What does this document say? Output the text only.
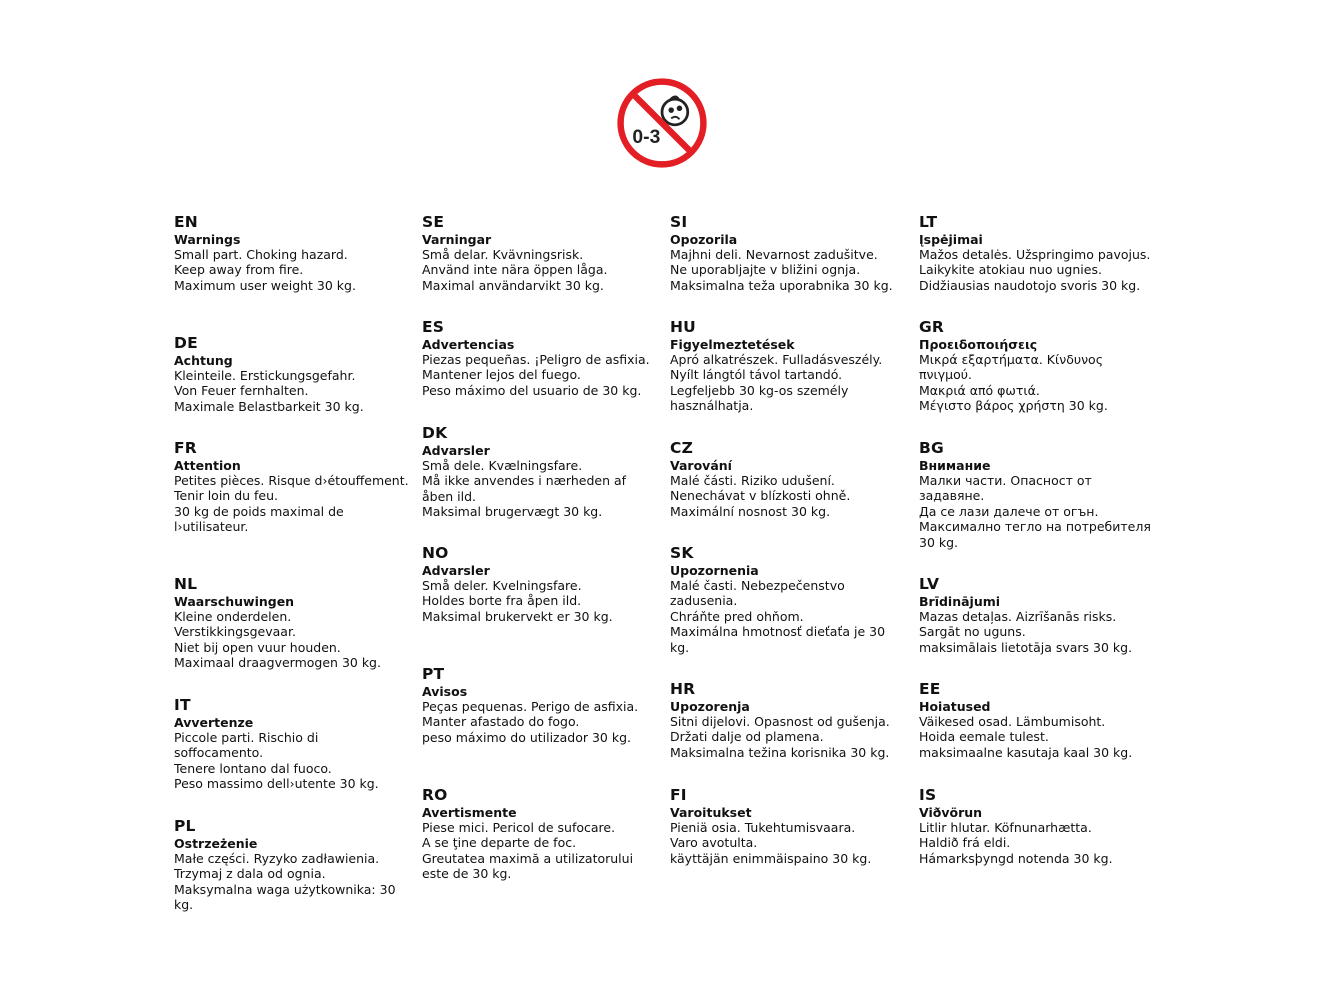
0-3
EN
Warnings
Small part. Choking hazard.
Keep away from fire.
Maximum user weight 30 kg.
DE
Achtung
Kleinteile. Erstickungsgefahr.
Von Feuer fernhalten.
Maximale Belastbarkeit 30 kg.
FR
Attention
Petites pièces. Risque d›étouffement.
Tenir loin du feu.
30 kg de poids maximal de l›utilisateur.
NL
Waarschuwingen
Kleine onderdelen. Verstikkingsgevaar.
Niet bij open vuur houden.
Maximaal draagvermogen 30 kg.
IT
Avvertenze
Piccole parti. Rischio di soffocamento.
Tenere lontano dal fuoco.
Peso massimo dell›utente 30 kg.
PL
Ostrzeżenie
Małe części. Ryzyko zadławienia.
Trzymaj z dala od ognia.
Maksymalna waga użytkownika: 30 kg.
SE
Varningar
Små delar. Kvävningsrisk.
Använd inte nära öppen låga.
Maximal användarvikt 30 kg.
ES
Advertencias
Piezas pequeñas. ¡Peligro de asfixia.
Mantener lejos del fuego.
Peso máximo del usuario de 30 kg.
DK
Advarsler
Små dele. Kvælningsfare.
Må ikke anvendes i nærheden af åben ild.
Maksimal brugervægt 30 kg.
NO
Advarsler
Små deler. Kvelningsfare.
Holdes borte fra åpen ild.
Maksimal brukervekt er 30 kg.
PT
Avisos
Peças pequenas. Perigo de asfixia.
Manter afastado do fogo.
peso máximo do utilizador 30 kg.
RO
Avertismente
Piese mici. Pericol de sufocare.
A se ţine departe de foc.
Greutatea maximă a utilizatorului este de 30 kg.
SI
Opozorila
Majhni deli. Nevarnost zadušitve.
Ne uporabljajte v bližini ognja.
Maksimalna teža uporabnika 30 kg.
HU
Figyelmeztetések
Apró alkatrészek. Fulladásveszély.
Nyílt lángtól távol tartandó.
Legfeljebb 30 kg-os személy használhatja.
CZ
Varování
Malé části. Riziko udušení.
Nenechávat v blízkosti ohně.
Maximální nosnost 30 kg.
SK
Upozornenia
Malé časti. Nebezpečenstvo zadusenia.
Chráňte pred ohňom.
Maximálna hmotnosť dieťaťa je 30 kg.
HR
Upozorenja
Sitni dijelovi. Opasnost od gušenja.
Držati dalje od plamena.
Maksimalna težina korisnika 30 kg.
FI
Varoitukset
Pieniä osia. Tukehtumisvaara.
Varo avotulta.
käyttäjän enimmäispaino 30 kg.
LT
Įspėjimai
Mažos detalės. Užspringimo pavojus.
Laikykite atokiau nuo ugnies.
Didžiausias naudotojo svoris 30 kg.
GR
Προειδοποιήσεις
Μικρά εξαρτήματα. Κίνδυνος πνιγμού.
Μακριά από φωτιά.
Μέγιστο βάρος χρήστη 30 kg.
BG
Внимание
Малки части. Опасност от задавяне.
Да се лази далече от огън.
Максимално тегло на потребителя 30 kg.
LV
Brīdinājumi
Mazas detaļas. Aizrīšanās risks.
Sargāt no uguns.
maksimālais lietotāja svars 30 kg.
EE
Hoiatused
Väikesed osad. Lämbumisoht.
Hoida eemale tulest.
maksimaalne kasutaja kaal 30 kg.
IS
Viðvörun
Litlir hlutar. Köfnunarhætta.
Haldið frá eldi.
Hámarksþyngd notenda 30 kg.
